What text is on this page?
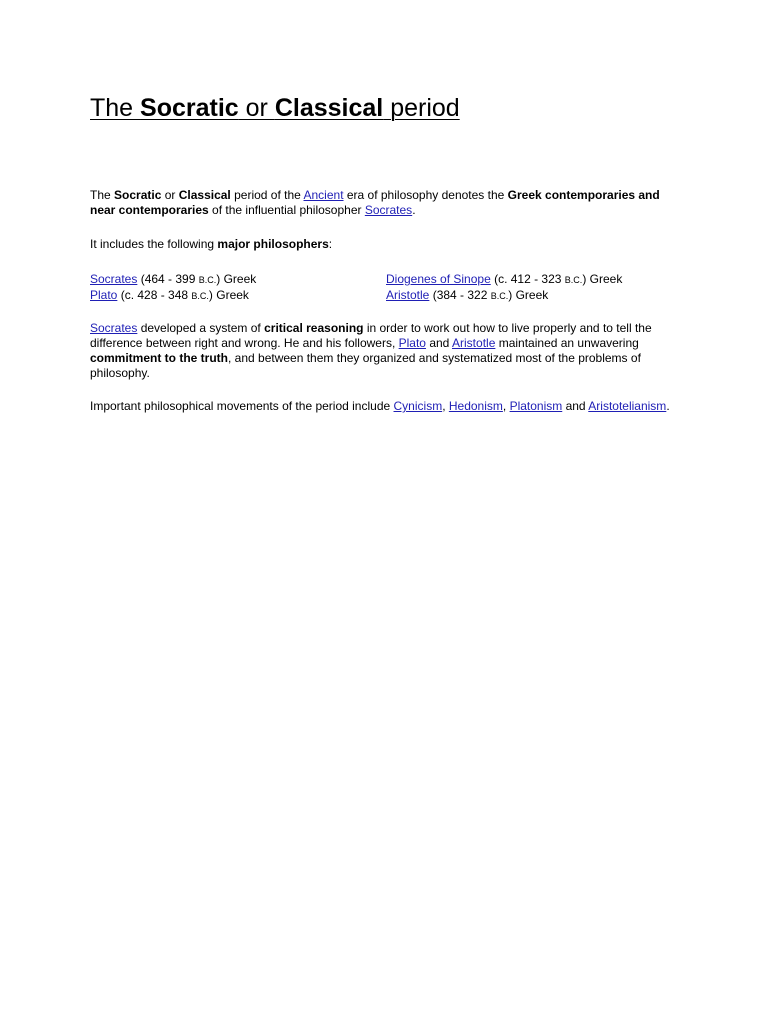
The Socratic or Classical period

The Socratic or Classical period of the Ancient era of philosophy denotes the Greek contemporaries and near contemporaries of the influential philosopher Socrates.

It includes the following major philosophers:

Socrates (464 - 399 B.C.) Greek
Plato (c. 428 - 348 B.C.) Greek
Diogenes of Sinope (c. 412 - 323 B.C.) Greek
Aristotle (384 - 322 B.C.) Greek

Socrates developed a system of critical reasoning in order to work out how to live properly and to tell the difference between right and wrong. He and his followers, Plato and Aristotle maintained an unwavering commitment to the truth, and between them they organized and systematized most of the problems of philosophy.

Important philosophical movements of the period include Cynicism, Hedonism, Platonism and Aristotelianism.
